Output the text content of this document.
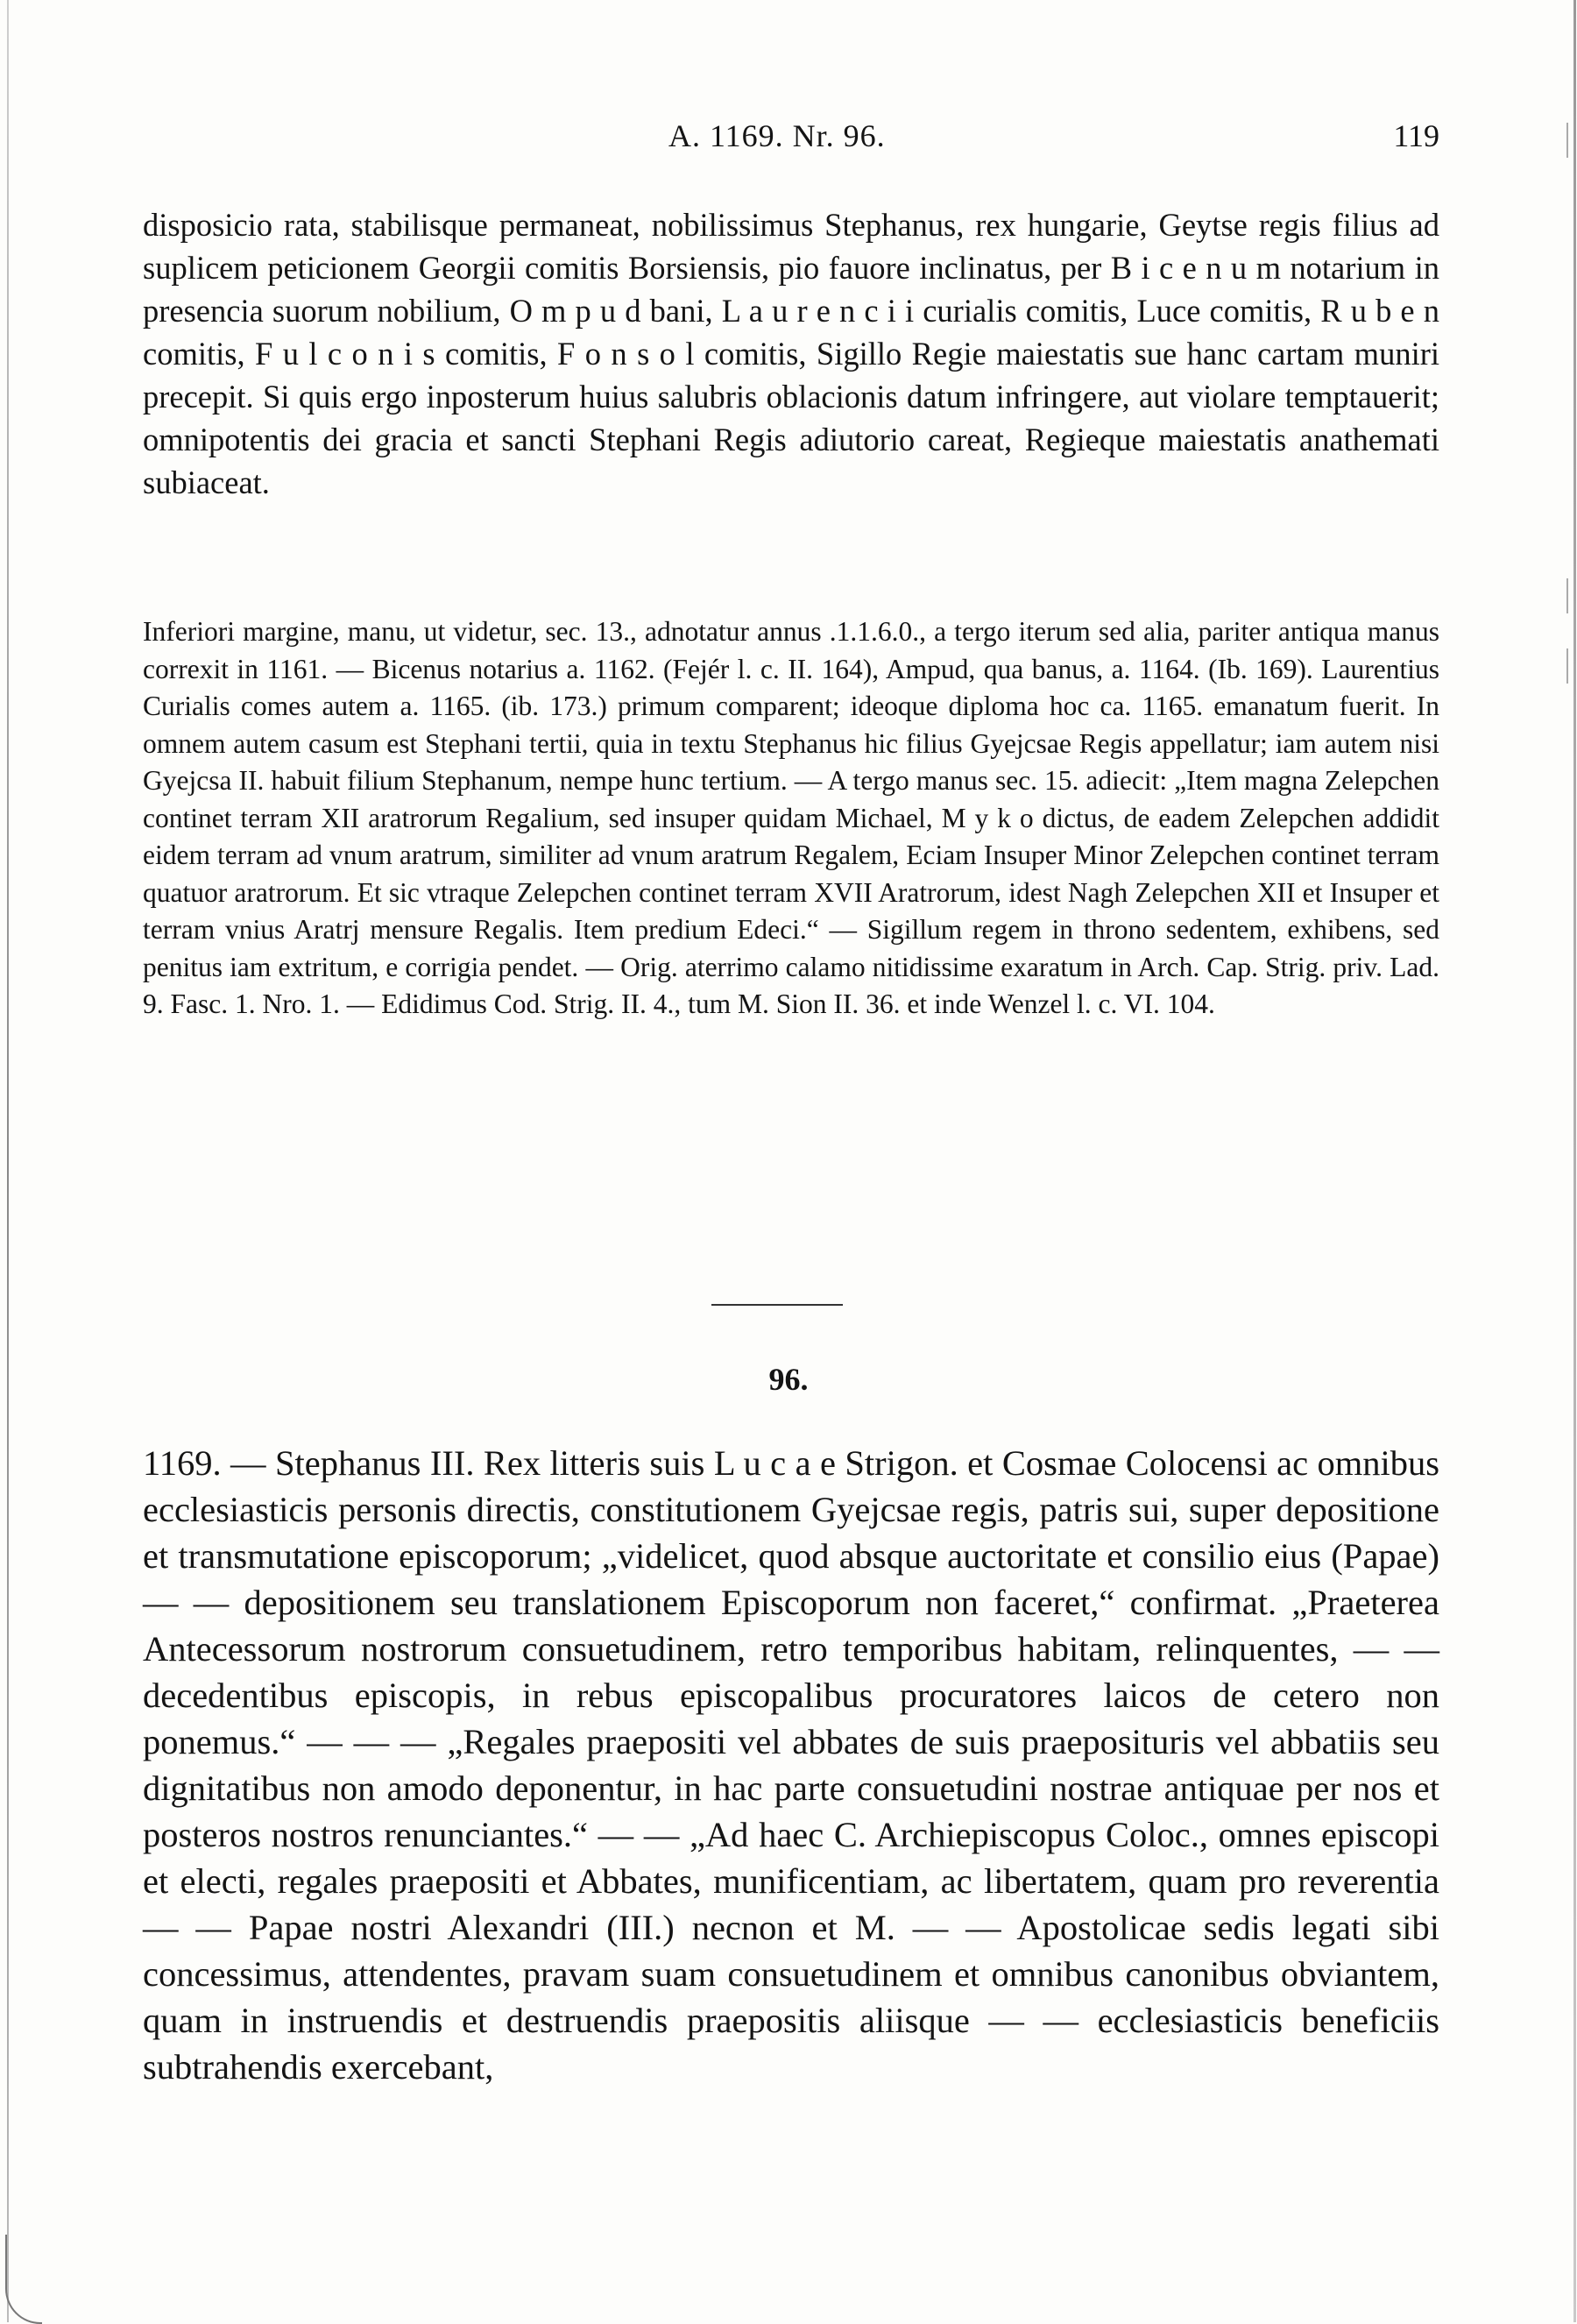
A. 1169. Nr. 96.	119
disposicio rata, stabilisque permaneat, nobilissimus Stephanus, rex hungarie, Geytse regis filius ad suplicem peticionem Georgii comitis Borsiensis, pio fauore inclinatus, per B i c e n u m notarium in presencia suorum nobilium, O m p u d bani, L a u r e n c i i curialis comitis, Luce comitis, R u b e n comitis, F u l c o n i s comitis, F o n s o l comitis, Sigillo Regie maiestatis sue hanc cartam muniri precepit. Si quis ergo inposterum huius salubris oblacionis datum infringere, aut violare temptauerit; omnipotentis dei gracia et sancti Stephani Regis adiutorio careat, Regieque maiestatis anathemati subiaceat.
Inferiori margine, manu, ut videtur, sec. 13., adnotatur annus .1.1.6.0., a tergo iterum sed alia, pariter antiqua manus correxit in 1161. — Bicenus notarius a. 1162. (Fejér l. c. II. 164), Ampud, qua banus, a. 1164. (Ib. 169). Laurentius Curialis comes autem a. 1165. (ib. 173.) primum comparent; ideoque diploma hoc ca. 1165. emanatum fuerit. In omnem autem casum est Stephani tertii, quia in textu Stephanus hic filius Gyejcsae Regis appellatur; iam autem nisi Gyejcsa II. habuit filium Stephanum, nempe hunc tertium. — A tergo manus sec. 15. adiecit: „Item magna Zelepchen continet terram XII aratrorum Regalium, sed insuper quidam Michael, M y k o dictus, de eadem Zelepchen addidit eidem terram ad vnum aratrum, similiter ad vnum aratrum Regalem, Eciam Insuper Minor Zelepchen continet terram quatuor aratrorum. Et sic vtraque Zelepchen continet terram XVII Aratrorum, idest Nagh Zelepchen XII et Insuper et terram vnius Aratrj mensure Regalis. Item predium Edeci.“ — Sigillum regem in throno sedentem, exhibens, sed penitus iam extritum, e corrigia pendet. — Orig. aterrimo calamo nitidissime exaratum in Arch. Cap. Strig. priv. Lad. 9. Fasc. 1. Nro. 1. — Edidimus Cod. Strig. II. 4., tum M. Sion II. 36. et inde Wenzel l. c. VI. 104.
96.
1169. — Stephanus III. Rex litteris suis L u c a e Strigon. et Cosmae Colocensi ac omnibus ecclesiasticis personis directis, constitutionem Gyejcsae regis, patris sui, super depositione et transmutatione episcoporum; „videlicet, quod absque auctoritate et consilio eius (Papae) — — depositionem seu translationem Episcoporum non faceret,“ confirmat. „Praeterea Antecessorum nostrorum consuetudinem, retro temporibus habitam, relinquentes, — — decedentibus episcopis, in rebus episcopalibus procuratores laicos de cetero non ponemus.“ — — — „Regales praepositi vel abbates de suis praeposituris vel abbatiis seu dignitatibus non amodo deponentur, in hac parte consuetudini nostrae antiquae per nos et posteros nostros renunciantes.“ — — „Ad haec C. Archiepiscopus Coloc., omnes episcopi et electi, regales praepositi et Abbates, munificentiam, ac libertatem, quam pro reverentia — — Papae nostri Alexandri (III.) necnon et M. — — Apostolicae sedis legati sibi concessimus, attendentes, pravam suam consuetudinem et omnibus canonibus obviantem, quam in instruendis et destruendis praepositis aliisque — — ecclesiasticis beneficiis subtrahendis exercebant,
